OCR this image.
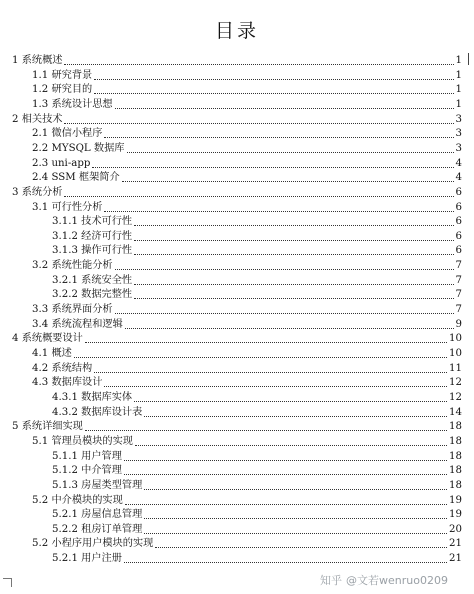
目录
1 系统概述	1
1.1 研究背景	1
1.2 研究目的	1
1.3 系统设计思想	1
2 相关技术	3
2.1 微信小程序	3
2.2 MYSQL 数据库	3
2.3 uni-app	4
2.4 SSM 框架简介	4
3 系统分析	6
3.1 可行性分析	6
3.1.1 技术可行性	6
3.1.2 经济可行性	6
3.1.3 操作可行性	6
3.2 系统性能分析	7
3.2.1 系统安全性	7
3.2.2 数据完整性	7
3.3 系统界面分析	7
3.4 系统流程和逻辑	9
4 系统概要设计	10
4.1 概述	10
4.2 系统结构	11
4.3 数据库设计	12
4.3.1 数据库实体	12
4.3.2 数据库设计表	14
5 系统详细实现	18
5.1 管理员模块的实现	18
5.1.1 用户管理	18
5.1.2 中介管理	18
5.1.3 房屋类型管理	18
5.2 中介模块的实现	19
5.2.1 房屋信息管理	19
5.2.2 租房订单管理	20
5.2 小程序用户模块的实现	21
5.2.1 用户注册	21
知乎 @文若wenruo0209
